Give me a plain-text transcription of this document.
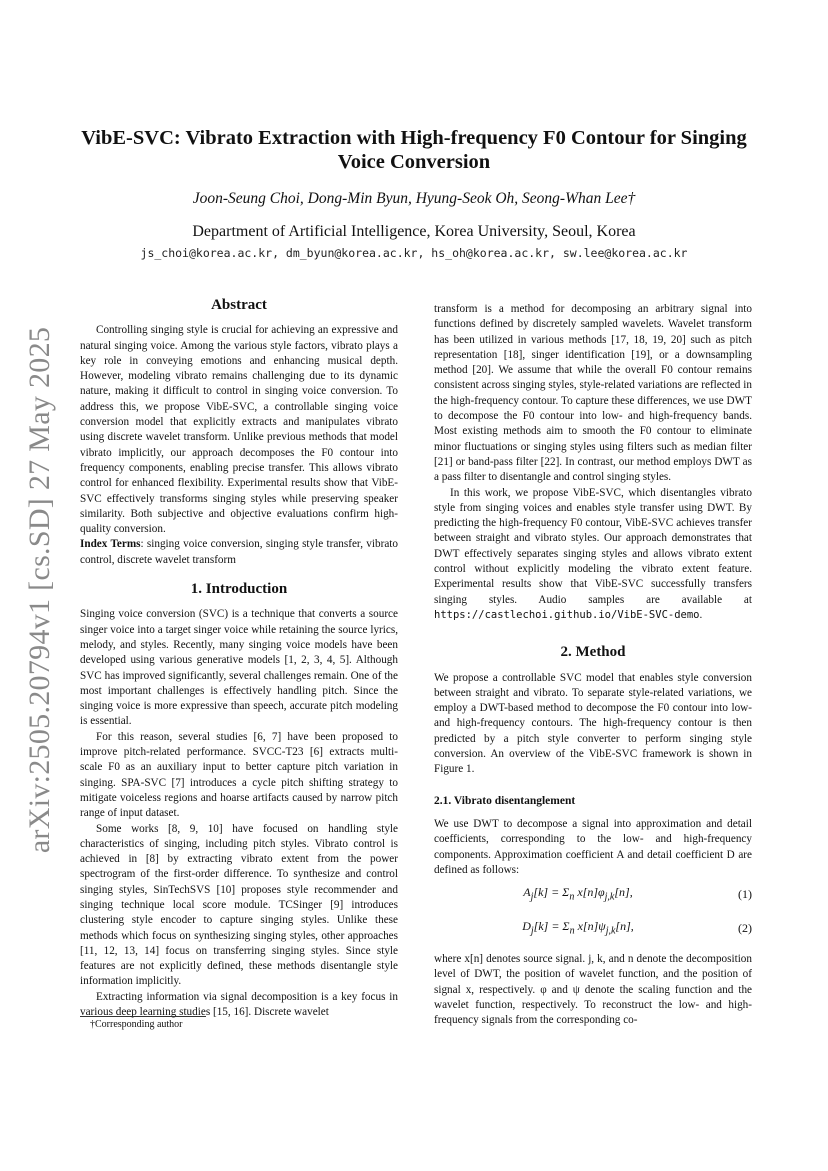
arXiv:2505.20794v1 [cs.SD] 27 May 2025
VibE-SVC: Vibrato Extraction with High-frequency F0 Contour for Singing
Voice Conversion
Joon-Seung Choi, Dong-Min Byun, Hyung-Seok Oh, Seong-Whan Lee†
Department of Artificial Intelligence, Korea University, Seoul, Korea
js_choi@korea.ac.kr, dm_byun@korea.ac.kr, hs_oh@korea.ac.kr, sw.lee@korea.ac.kr
Abstract

Controlling singing style is crucial for achieving an expressive and natural singing voice. Among the various style factors, vibrato plays a key role in conveying emotions and enhancing musical depth. However, modeling vibrato remains challenging due to its dynamic nature, making it difficult to control in singing voice conversion. To address this, we propose VibE-SVC, a controllable singing voice conversion model that explicitly extracts and manipulates vibrato using discrete wavelet transform. Unlike previous methods that model vibrato implicitly, our approach decomposes the F0 contour into frequency components, enabling precise transfer. This allows vibrato control for enhanced flexibility. Experimental results show that VibE-SVC effectively transforms singing styles while preserving speaker similarity. Both subjective and objective evaluations confirm high-quality conversion.

Index Terms: singing voice conversion, singing style transfer, vibrato control, discrete wavelet transform

1. Introduction

Singing voice conversion (SVC) is a technique that converts a source singer voice into a target singer voice while retaining the source lyrics, melody, and styles. Recently, many singing voice models have been developed using various generative models [1, 2, 3, 4, 5]. Although SVC has improved significantly, several challenges remain. One of the most important challenges is effectively handling pitch. Since the singing voice is more expressive than speech, accurate pitch modeling is essential.

For this reason, several studies [6, 7] have been proposed to improve pitch-related performance. SVCC-T23 [6] extracts multi-scale F0 as an auxiliary input to better capture pitch variation in singing. SPA-SVC [7] introduces a cycle pitch shifting strategy to mitigate voiceless regions and hoarse artifacts caused by narrow pitch range of input dataset.

Some works [8, 9, 10] have focused on handling style characteristics of singing, including pitch styles. Vibrato control is achieved in [8] by extracting vibrato extent from the power spectrogram of the first-order difference. To synthesize and control singing styles, SinTechSVS [10] proposes style recommender and singing technique local score module. TCSinger [9] introduces clustering style encoder to capture singing styles. Unlike these methods which focus on synthesizing singing styles, other approaches [11, 12, 13, 14] focus on transferring singing styles. Since style features are not explicitly defined, these methods disentangle style information implicitly.

Extracting information via signal decomposition is a key focus in various deep learning studies [15, 16]. Discrete wavelet

†Corresponding author

transform is a method for decomposing an arbitrary signal into functions defined by discretely sampled wavelets. Wavelet transform has been utilized in various methods [17, 18, 19, 20] such as pitch representation [18], singer identification [19], or a downsampling method [20]. We assume that while the overall F0 contour remains consistent across singing styles, style-related variations are reflected in the high-frequency contour. To capture these differences, we use DWT to decompose the F0 contour into low- and high-frequency bands. Most existing methods aim to smooth the F0 contour to eliminate minor fluctuations or singing styles using filters such as median filter [21] or band-pass filter [22]. In contrast, our method employs DWT as a pass filter to disentangle and control singing styles.

In this work, we propose VibE-SVC, which disentangles vibrato style from singing voices and enables style transfer using DWT. By predicting the high-frequency F0 contour, VibE-SVC achieves transfer between straight and vibrato styles. Our approach demonstrates that DWT effectively separates singing styles and allows vibrato extent control without explicitly modeling the vibrato extent feature. Experimental results show that VibE-SVC successfully transfers singing styles. Audio samples are available at https://castlechoi.github.io/VibE-SVC-demo.

2. Method

We propose a controllable SVC model that enables style conversion between straight and vibrato. To separate style-related variations, we employ a DWT-based method to decompose the F0 contour into low- and high-frequency contours. The high-frequency contour is then predicted by a pitch style converter to perform singing style conversion. An overview of the VibE-SVC framework is shown in Figure 1.

2.1. Vibrato disentanglement

We use DWT to decompose a signal into approximation and detail coefficients, corresponding to the low- and high-frequency components. Approximation coefficient A and detail coefficient D are defined as follows:

$A_j[k] = \Sigma_n$ $x[n]\varphi_{j,k}[n]$,	(1)
$D_j[k] = \Sigma_n$ $x[n]\psi_{j,k}[n]$,	(2)

where x[n] denotes source signal. j, k, and n denote the decomposition level of DWT, the position of wavelet function, and the position of signal x, respectively. φ and ψ denote the scaling function and the wavelet function, respectively. To reconstruct the low- and high-frequency signals from the corresponding co-
